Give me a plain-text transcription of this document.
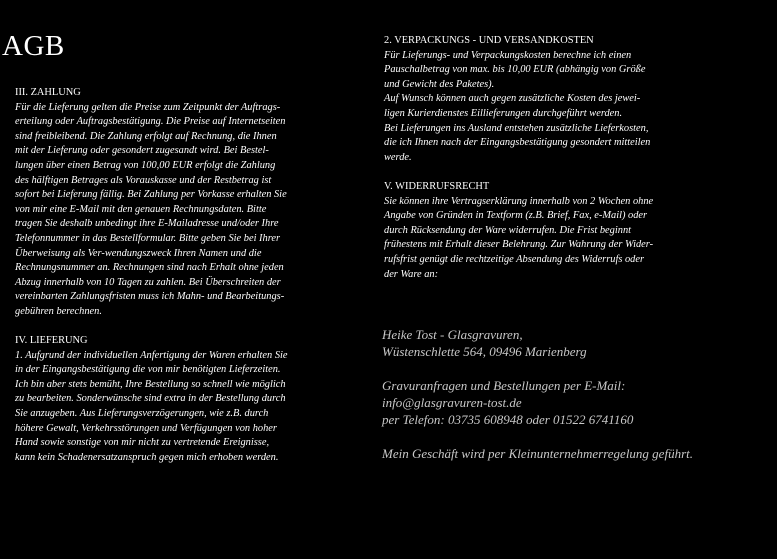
AGB
III. ZAHLUNG
Für die Lieferung gelten die Preise zum Zeitpunkt der Auftrags-
erteilung oder Auftragsbestätigung. Die Preise auf Internetseiten
sind freibleibend. Die Zahlung erfolgt auf Rechnung, die Ihnen
mit der Lieferung oder gesondert zugesandt wird. Bei Bestel-
lungen über einen Betrag von 100,00 EUR erfolgt die Zahlung
des hälftigen Betrages als Vorauskasse und der Restbetrag ist
sofort bei Lieferung fällig. Bei Zahlung per Vorkasse erhalten Sie
von mir eine E-Mail mit den genauen Rechnungsdaten. Bitte
tragen Sie deshalb unbedingt ihre E-Mailadresse und/oder Ihre
Telefonnummer in das Bestellformular. Bitte geben Sie bei Ihrer
Überweisung als Ver-wendungszweck Ihren Namen und die
Rechnungsnummer an. Rechnungen sind nach Erhalt ohne jeden
Abzug innerhalb von 10 Tagen zu zahlen. Bei Überschreiten der
vereinbarten Zahlungsfristen muss ich Mahn- und Bearbeitungs-
gebühren berechnen.
IV. LIEFERUNG
1. Aufgrund der individuellen Anfertigung der Waren erhalten Sie
in der Eingangsbestätigung die von mir benötigten Lieferzeiten.
Ich bin aber stets bemüht, Ihre Bestellung so schnell wie möglich
zu bearbeiten. Sonderwünsche sind extra in der Bestellung durch
Sie anzugeben. Aus Lieferungsverzögerungen, wie z.B. durch
höhere Gewalt, Verkehrsstörungen und Verfügungen von hoher
Hand sowie sonstige von mir nicht zu vertretende Ereignisse,
kann kein Schadenersatzanspruch gegen mich erhoben werden.
2. VERPACKUNGS - UND VERSANDKOSTEN
Für Lieferungs- und Verpackungskosten berechne ich einen
Pauschalbetrag von max. bis 10,00 EUR (abhängig von Größe
und Gewicht des Paketes).
Auf Wunsch können auch gegen zusätzliche Kosten des jewei-
ligen Kurierdienstes Eillieferungen durchgeführt werden.
Bei Lieferungen ins Ausland entstehen zusätzliche Lieferkosten,
die ich Ihnen nach der Eingangsbestätigung gesondert mitteilen
werde.
V. WIDERRUFSRECHT
Sie können ihre Vertragserklärung innerhalb von 2 Wochen ohne
Angabe von Gründen in Textform (z.B. Brief, Fax, e-Mail) oder
durch Rücksendung der Ware widerrufen. Die Frist beginnt
frühestens mit Erhalt dieser Belehrung. Zur Wahrung der Wider-
rufsfrist genügt die rechtzeitige Absendung des Widerrufs oder
der Ware an:
Heike Tost - Glasgravuren,
Wüstenschlette 564, 09496 Marienberg
Gravuranfragen und Bestellungen per E-Mail:
info@glasgravuren-tost.de
per Telefon: 03735 608948 oder 01522 6741160
Mein Geschäft wird per Kleinunternehmerregelung geführt.
